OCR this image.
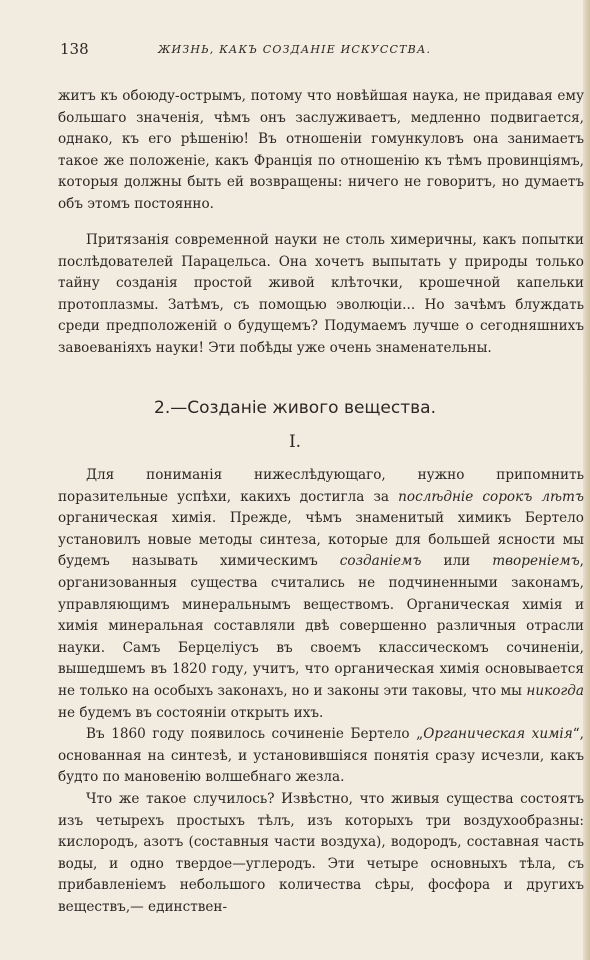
138	ЖИЗНЬ, КАКЪ СОЗДАНІЕ ИСКУССТВА.

житъ къ обоюду-острымъ, потому что новѣйшая наука, не придавая ему большаго значенія, чѣмъ онъ заслуживаетъ, медленно подвигается, однако, къ его рѣшенію! Въ отношеніи гомункуловъ она занимаетъ такое же положеніе, какъ Франція по отношенію къ тѣмъ провинціямъ, которыя должны быть ей возвращены: ничего не говоритъ, но думаетъ объ этомъ постоянно.

Притязанія современной науки не столь химеричны, какъ попытки послѣдователей Парацельса. Она хочетъ выпытать у природы только тайну созданія простой живой клѣточки, крошечной капельки протоплазмы. Затѣмъ, съ помощью эволюціи... Но зачѣмъ блуждать среди предположеній о будущемъ? Подумаемъ лучше о сегодняшнихъ завоеваніяхъ науки! Эти побѣды уже очень знаменательны.

2.—Созданіе живого вещества.
I.

Для пониманія нижеслѣдующаго, нужно припомнить поразительные успѣхи, какихъ достигла за послѣдніе сорокъ лѣтъ органическая химія. Прежде, чѣмъ знаменитый химикъ Бертело установилъ новые методы синтеза, которые для большей ясности мы будемъ называть химическимъ созданіемъ или твореніемъ, организованныя существа считались не подчиненными законамъ, управляющимъ минеральнымъ веществомъ. Органическая химія и химія минеральная составляли двѣ совершенно различныя отрасли науки. Самъ Берцеліусъ въ своемъ классическомъ сочиненіи, вышедшемъ въ 1820 году, учитъ, что органическая химія основывается не только на особыхъ законахъ, но и законы эти таковы, что мы никогда не будемъ въ состояніи открыть ихъ.

Въ 1860 году появилось сочиненіе Бертело „Органическая химія“, основанная на синтезѣ, и установившіяся понятія сразу исчезли, какъ будто по мановенію волшебнаго жезла.

Что же такое случилось? Извѣстно, что живыя существа состоятъ изъ четырехъ простыхъ тѣлъ, изъ которыхъ три воздухообразны: кислородъ, азотъ (составныя части воздуха), водородъ, составная часть воды, и одно твердое—углеродъ. Эти четыре основныхъ тѣла, съ прибавленіемъ небольшого количества сѣры, фосфора и другихъ веществъ,— единствен-
